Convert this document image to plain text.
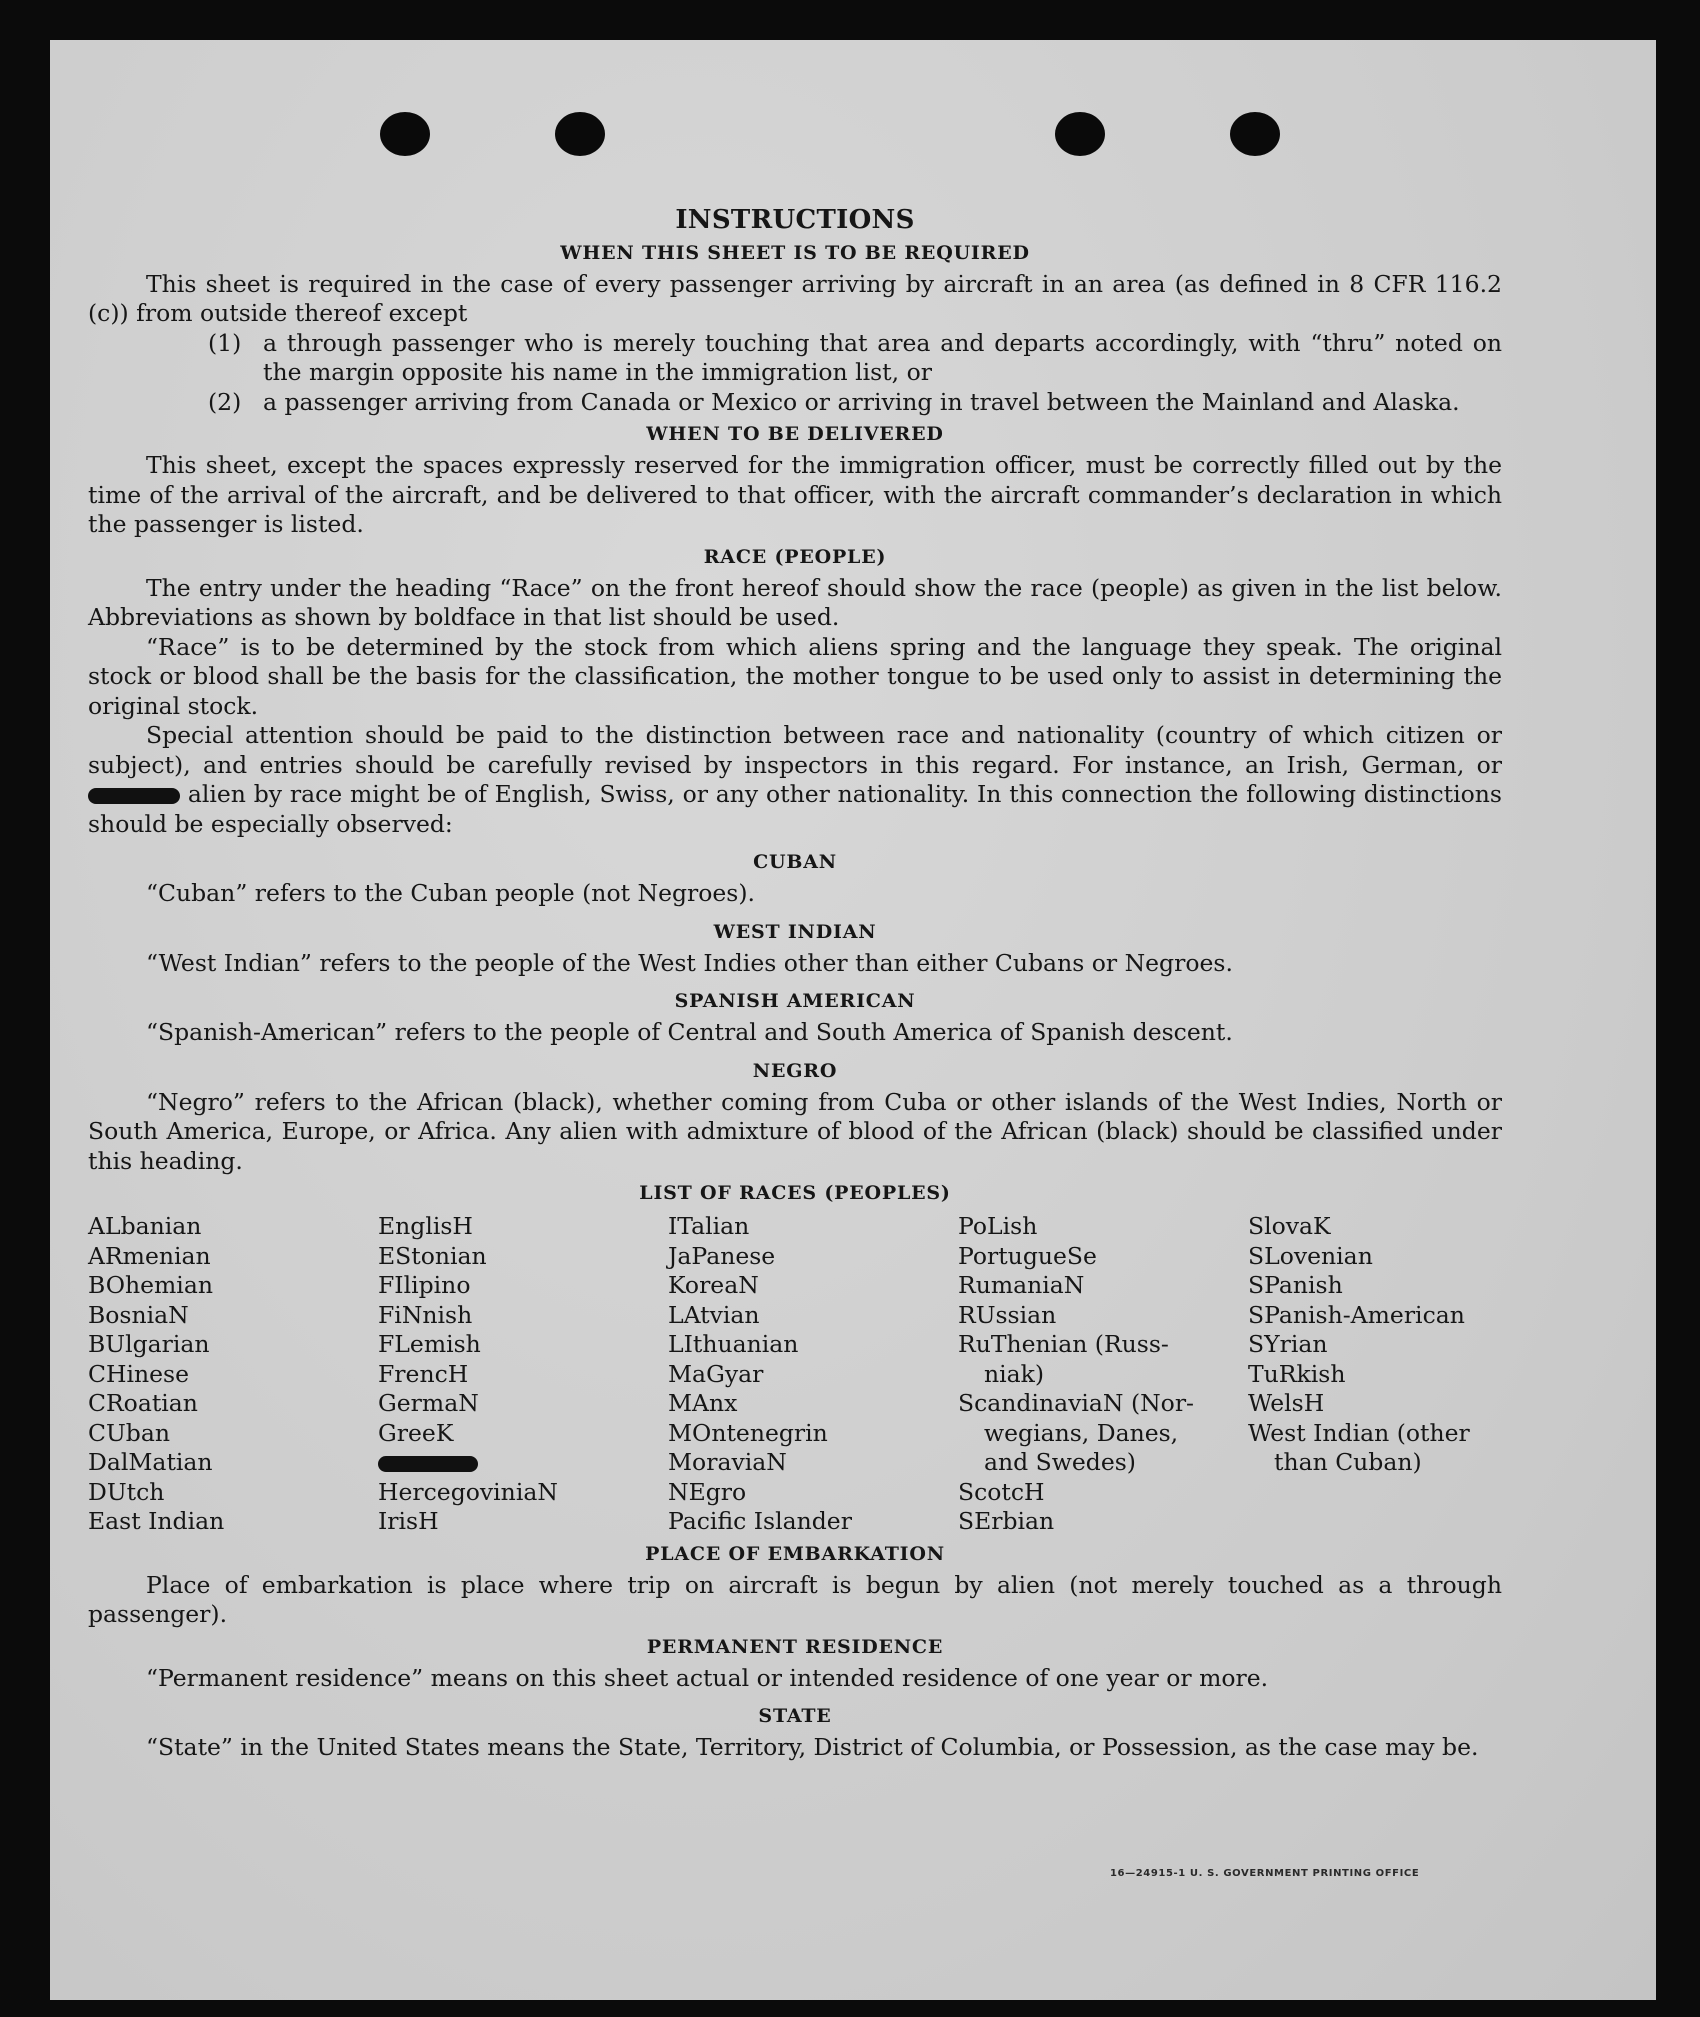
INSTRUCTIONS
WHEN THIS SHEET IS TO BE REQUIRED

This sheet is required in the case of every passenger arriving by aircraft in an area (as defined in 8 CFR 116.2 (c)) from outside thereof except

(1) a through passenger who is merely touching that area and departs accordingly, with “thru” noted on the margin opposite his name in the immigration list, or
(2) a passenger arriving from Canada or Mexico or arriving in travel between the Mainland and Alaska.
WHEN TO BE DELIVERED

This sheet, except the spaces expressly reserved for the immigration officer, must be correctly filled out by the time of the arrival of the aircraft, and be delivered to that officer, with the aircraft commander’s declaration in which the passenger is listed.

RACE (PEOPLE)

The entry under the heading “Race” on the front hereof should show the race (people) as given in the list below. Abbreviations as shown by boldface in that list should be used.

“Race” is to be determined by the stock from which aliens spring and the language they speak. The original stock or blood shall be the basis for the classification, the mother tongue to be used only to assist in determining the original stock.

Special attention should be paid to the distinction between race and nationality (country of which citizen or subject), and entries should be carefully revised by inspectors in this regard. For instance, an Irish, German, or  alien by race might be of English, Swiss, or any other nationality. In this connection the following distinctions should be especially observed:

CUBAN

“Cuban” refers to the Cuban people (not Negroes).

WEST INDIAN

“West Indian” refers to the people of the West Indies other than either Cubans or Negroes.

SPANISH AMERICAN

“Spanish-American” refers to the people of Central and South America of Spanish descent.

NEGRO

“Negro” refers to the African (black), whether coming from Cuba or other islands of the West Indies, North or South America, Europe, or Africa. Any alien with admixture of blood of the African (black) should be classified under this heading.

LIST OF RACES (PEOPLES)
ALbanian
ARmenian
BOhemian
BosniaN
BUlgarian
CHinese
CRoatian
CUban
DalMatian
DUtch
East Indian
EnglisH
EStonian
FIlipino
FiNnish
FLemish
FrencH
GermaN
GreeK
HercegoviniaN
IrisH
ITalian
JaPanese
KoreaN
LAtvian
LIthuanian
MaGyar
MAnx
MOntenegrin
MoraviaN
NEgro
Pacific Islander
PoLish
PortugueSe
RumaniaN
RUssian
RuThenian (Russ-
niak)
ScandinaviaN (Nor-
wegians, Danes,
and Swedes)
ScotcH
SErbian
SlovaK
SLovenian
SPanish
SPanish-American
SYrian
TuRkish
WelsH
West Indian (other
than Cuban)
PLACE OF EMBARKATION

Place of embarkation is place where trip on aircraft is begun by alien (not merely touched as a through passenger).

PERMANENT RESIDENCE

“Permanent residence” means on this sheet actual or intended residence of one year or more.

STATE

“State” in the United States means the State, Territory, District of Columbia, or Possession, as the case may be.

16—24915-1 U. S. GOVERNMENT PRINTING OFFICE
